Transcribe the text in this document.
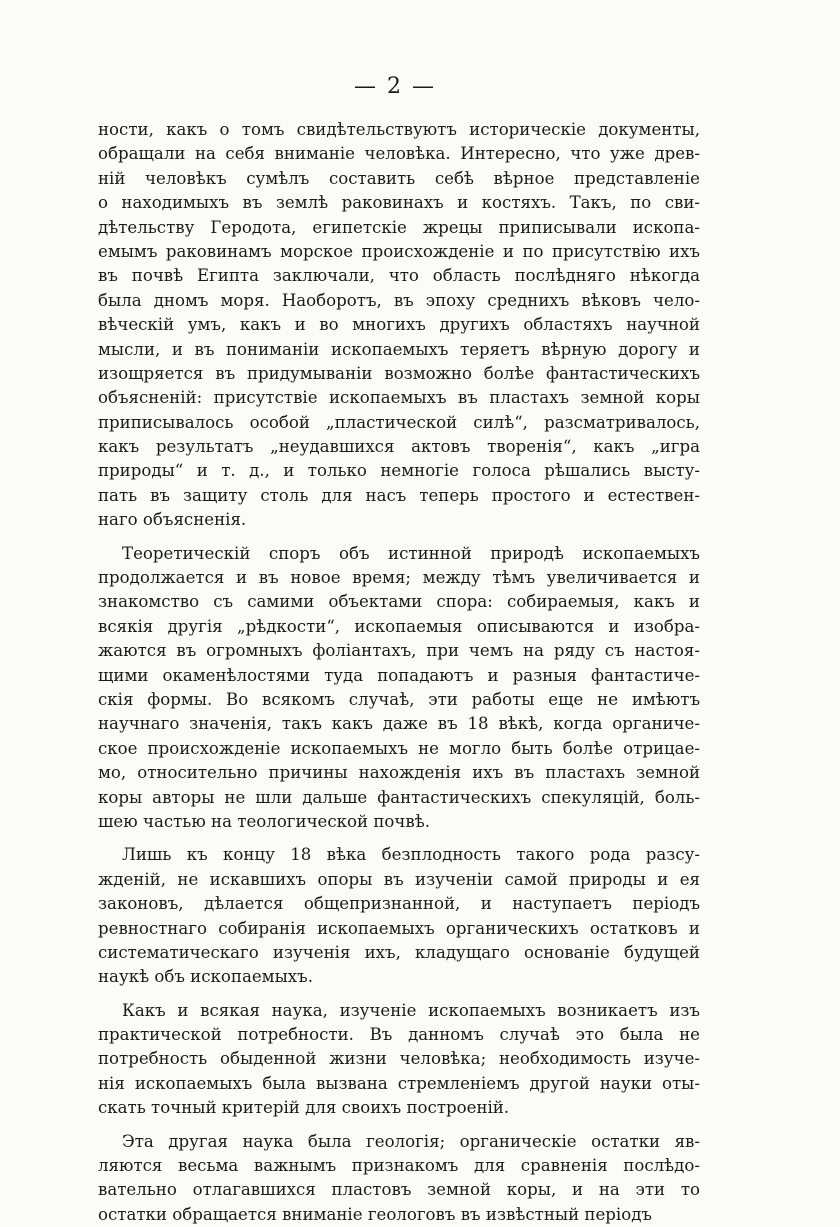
— 2 —
ности, какъ о томъ свидѣтельствуютъ историческіе документы,
обращали на себя вниманіе человѣка. Интересно, что уже древ-
ній человѣкъ сумѣлъ составить себѣ вѣрное представленіе
о находимыхъ въ землѣ раковинахъ и костяхъ. Такъ, по сви-
дѣтельству Геродота, египетскіе жрецы приписывали ископа-
емымъ раковинамъ морское происхожденіе и по присутствію ихъ
въ почвѣ Египта заключали, что область послѣдняго нѣкогда
была дномъ моря. Наоборотъ, въ эпоху среднихъ вѣковъ чело-
вѣческій умъ, какъ и во многихъ другихъ областяхъ научной
мысли, и въ пониманіи ископаемыхъ теряетъ вѣрную дорогу и
изощряется въ придумываніи возможно болѣе фантастическихъ
объясненій: присутствіе ископаемыхъ въ пластахъ земной коры
приписывалось особой „пластической силѣ“, разсматривалось,
какъ результатъ „неудавшихся актовъ творенія“, какъ „игра
природы“ и т. д., и только немногіе голоса рѣшались высту-
пать въ защиту столь для насъ теперь простого и естествен-
наго объясненія.
Теоретическій споръ объ истинной природѣ ископаемыхъ
продолжается и въ новое время; между тѣмъ увеличивается и
знакомство съ самими объектами спора: собираемыя, какъ и
всякія другія „рѣдкости“, ископаемыя описываются и изобра-
жаются въ огромныхъ фоліантахъ, при чемъ на ряду съ настоя-
щими окаменѣлостями туда попадаютъ и разныя фантастиче-
скія формы. Во всякомъ случаѣ, эти работы еще не имѣютъ
научнаго значенія, такъ какъ даже въ 18 вѣкѣ, когда органиче-
ское происхожденіе ископаемыхъ не могло быть болѣе отрицае-
мо, относительно причины нахожденія ихъ въ пластахъ земной
коры авторы не шли дальше фантастическихъ спекуляцій, боль-
шею частью на теологической почвѣ.
Лишь къ концу 18 вѣка безплодность такого рода разсу-
жденій, не искавшихъ опоры въ изученіи самой природы и ея
законовъ, дѣлается общепризнанной, и наступаетъ періодъ
ревностнаго собиранія ископаемыхъ органическихъ остатковъ и
систематическаго изученія ихъ, кладущаго основаніе будущей
наукѣ объ ископаемыхъ.
Какъ и всякая наука, изученіе ископаемыхъ возникаетъ изъ
практической потребности. Въ данномъ случаѣ это была не
потребность обыденной жизни человѣка; необходимость изуче-
нія ископаемыхъ была вызвана стремленіемъ другой науки оты-
скать точный критерій для своихъ построеній.
Эта другая наука была геологія; органическіе остатки яв-
ляются весьма важнымъ признакомъ для сравненія послѣдо-
вательно отлагавшихся пластовъ земной коры, и на эти то
остатки обращается вниманіе геологовъ въ извѣстный періодъ
